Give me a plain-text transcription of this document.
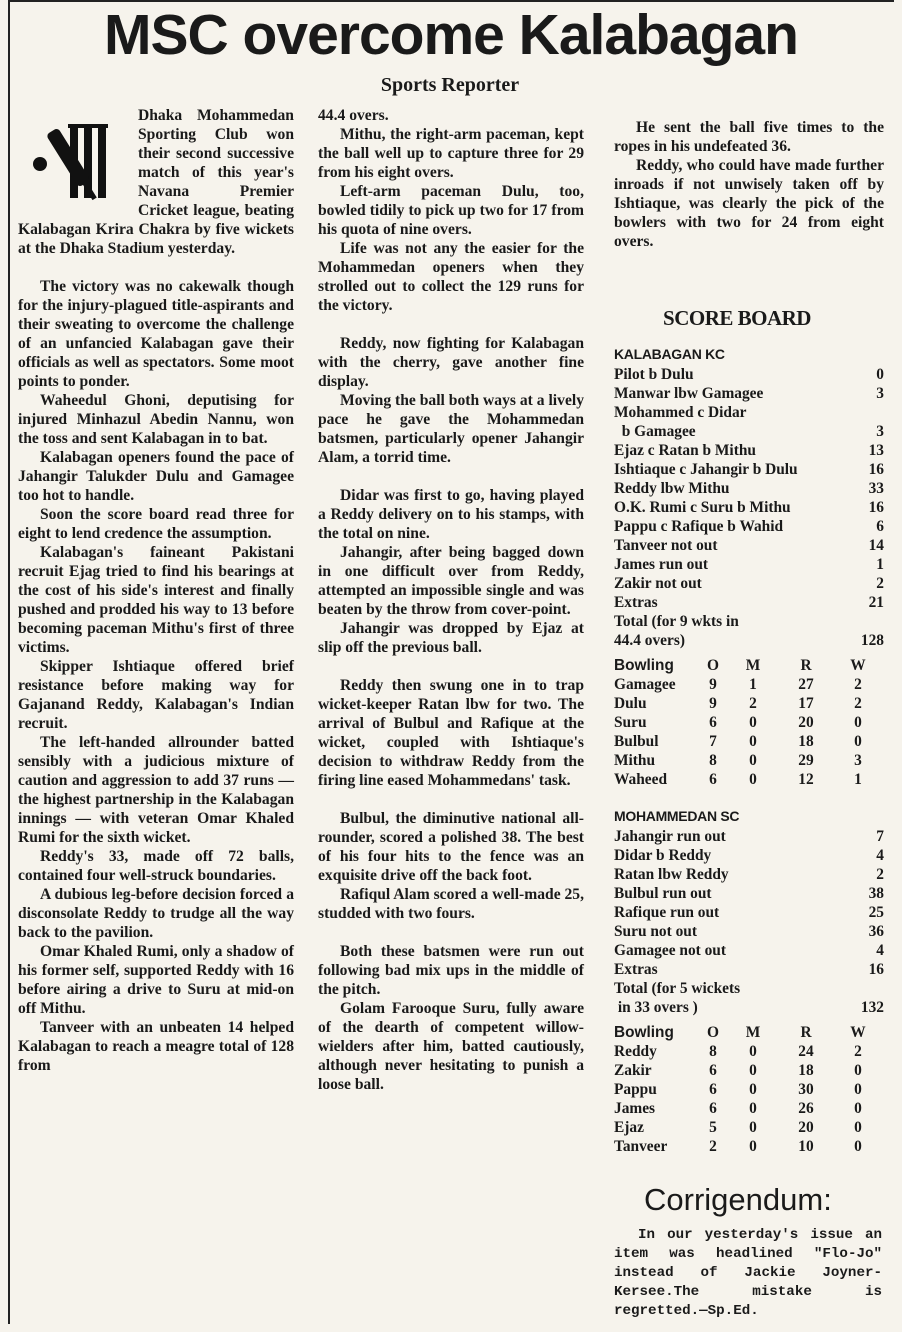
MSC overcome Kalabagan
Sports Reporter

Dhaka Mohammedan Sporting Club won their second successive match of this year's Navana Premier Cricket league, beating Kalabagan Krira Chakra by five wickets at the Dhaka Stadium yesterday.

The victory was no cakewalk though for the injury-plagued title-aspirants and their sweating to overcome the challenge of an unfancied Kalabagan gave their officials as well as spectators. Some moot points to ponder.

Waheedul Ghoni, deputising for injured Minhazul Abedin Nannu, won the toss and sent Kalabagan in to bat.

Kalabagan openers found the pace of Jahangir Talukder Dulu and Gamagee too hot to handle.

Soon the score board read three for eight to lend credence the assumption.

Kalabagan's faineant Pakistani recruit Ejag tried to find his bearings at the cost of his side's interest and finally pushed and prodded his way to 13 before becoming paceman Mithu's first of three victims.

Skipper Ishtiaque offered brief resistance before making way for Gajanand Reddy, Kalabagan's Indian recruit.

The left-handed allrounder batted sensibly with a judicious mixture of caution and aggression to add 37 runs — the highest partnership in the Kalabagan innings — with veteran Omar Khaled Rumi for the sixth wicket.

Reddy's 33, made off 72 balls, contained four well-struck boundaries.

A dubious leg-before decision forced a disconsolate Reddy to trudge all the way back to the pavilion.

Omar Khaled Rumi, only a shadow of his former self, supported Reddy with 16 before airing a drive to Suru at mid-on off Mithu.

Tanveer with an unbeaten 14 helped Kalabagan to reach a meagre total of 128 from

44.4 overs.

Mithu, the right-arm paceman, kept the ball well up to capture three for 29 from his eight overs.

Left-arm paceman Dulu, too, bowled tidily to pick up two for 17 from his quota of nine overs.

Life was not any the easier for the Mohammedan openers when they strolled out to collect the 129 runs for the victory.

Reddy, now fighting for Kalabagan with the cherry, gave another fine display.

Moving the ball both ways at a lively pace he gave the Mohammedan batsmen, particularly opener Jahangir Alam, a torrid time.

Didar was first to go, having played a Reddy delivery on to his stamps, with the total on nine.

Jahangir, after being bagged down in one difficult over from Reddy, attempted an impossible single and was beaten by the throw from cover-point.

Jahangir was dropped by Ejaz at slip off the previous ball.

Reddy then swung one in to trap wicket-keeper Ratan lbw for two. The arrival of Bulbul and Rafique at the wicket, coupled with Ishtiaque's decision to withdraw Reddy from the firing line eased Mohammedans' task.

Bulbul, the diminutive national all-rounder, scored a polished 38. The best of his four hits to the fence was an exquisite drive off the back foot.

Rafiqul Alam scored a well-made 25, studded with two fours.

Both these batsmen were run out following bad mix ups in the middle of the pitch.

Golam Farooque Suru, fully aware of the dearth of competent willow-wielders after him, batted cautiously, although never hesitating to punish a loose ball.

He sent the ball five times to the ropes in his undefeated 36.

Reddy, who could have made further inroads if not unwisely taken off by Ishtiaque, was clearly the pick of the bowlers with two for 24 from eight overs.

SCORE BOARD
KALABAGAN KC
Pilot b Dulu	0
Manwar lbw Gamagee	3
Mohammed c Didar
b Gamagee	3
Ejaz c Ratan b Mithu	13
Ishtiaque c Jahangir b Dulu	16
Reddy lbw Mithu	33
O.K. Rumi c Suru b Mithu	16
Pappu c Rafique b Wahid	6
Tanveer not out	14
James run out	1
Zakir not out	2
Extras	21
Total (for 9 wkts in
44.4 overs)	128
Bowling	O	M	R	W
Gamagee	9	1	27	2
Dulu	9	2	17	2
Suru	6	0	20	0
Bulbul	7	0	18	0
Mithu	8	0	29	3
Waheed	6	0	12	1
MOHAMMEDAN SC
Jahangir run out	7
Didar b Reddy	4
Ratan lbw Reddy	2
Bulbul run out	38
Rafique run out	25
Suru not out	36
Gamagee not out	4
Extras	16
Total (for 5 wickets
in 33 overs )	132
Bowling	O	M	R	W
Reddy	8	0	24	2
Zakir	6	0	18	0
Pappu	6	0	30	0
James	6	0	26	0
Ejaz	5	0	20	0
Tanveer	2	0	10	0
Corrigendum:
In our yesterday's issue an item was headlined "Flo-Jo" instead of Jackie Joyner-Kersee.The mistake is regretted.—Sp.Ed.
